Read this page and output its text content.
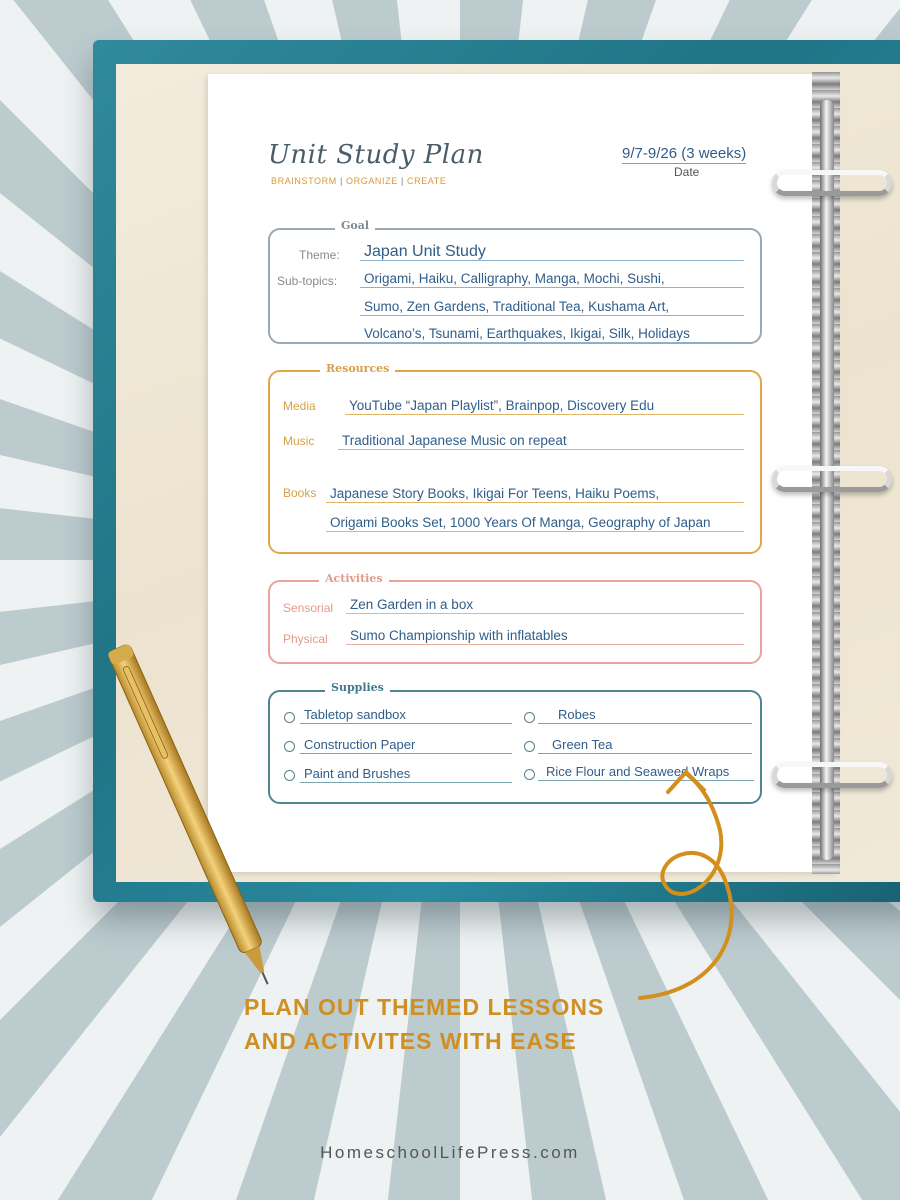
Unit Study Plan
BRAINSTORM | ORGANIZE | CREATE
9/7-9/26 (3 weeks)
Date
Goal
Theme: Japan Unit Study
Sub-topics: Origami, Haiku, Calligraphy, Manga, Mochi, Sushi,
Sumo, Zen Gardens, Traditional Tea, Kushama Art,
Volcano’s, Tsunami, Earthquakes, Ikigai, Silk, Holidays
Resources
Media YouTube “Japan Playlist”, Brainpop, Discovery Edu
Music Traditional Japanese Music on repeat
Books Japanese Story Books, Ikigai For Teens, Haiku Poems,
Origami Books Set, 1000 Years Of Manga, Geography of Japan
Activities
Sensorial Zen Garden in a box
Physical Sumo Championship with inflatables
Supplies
Tabletop sandbox
Construction Paper
Paint and Brushes
Robes
Green Tea
Rice Flour and Seaweed Wraps
PLAN OUT THEMED LESSONS
AND ACTIVITES WITH EASE
HomeschoolLifePress.com
